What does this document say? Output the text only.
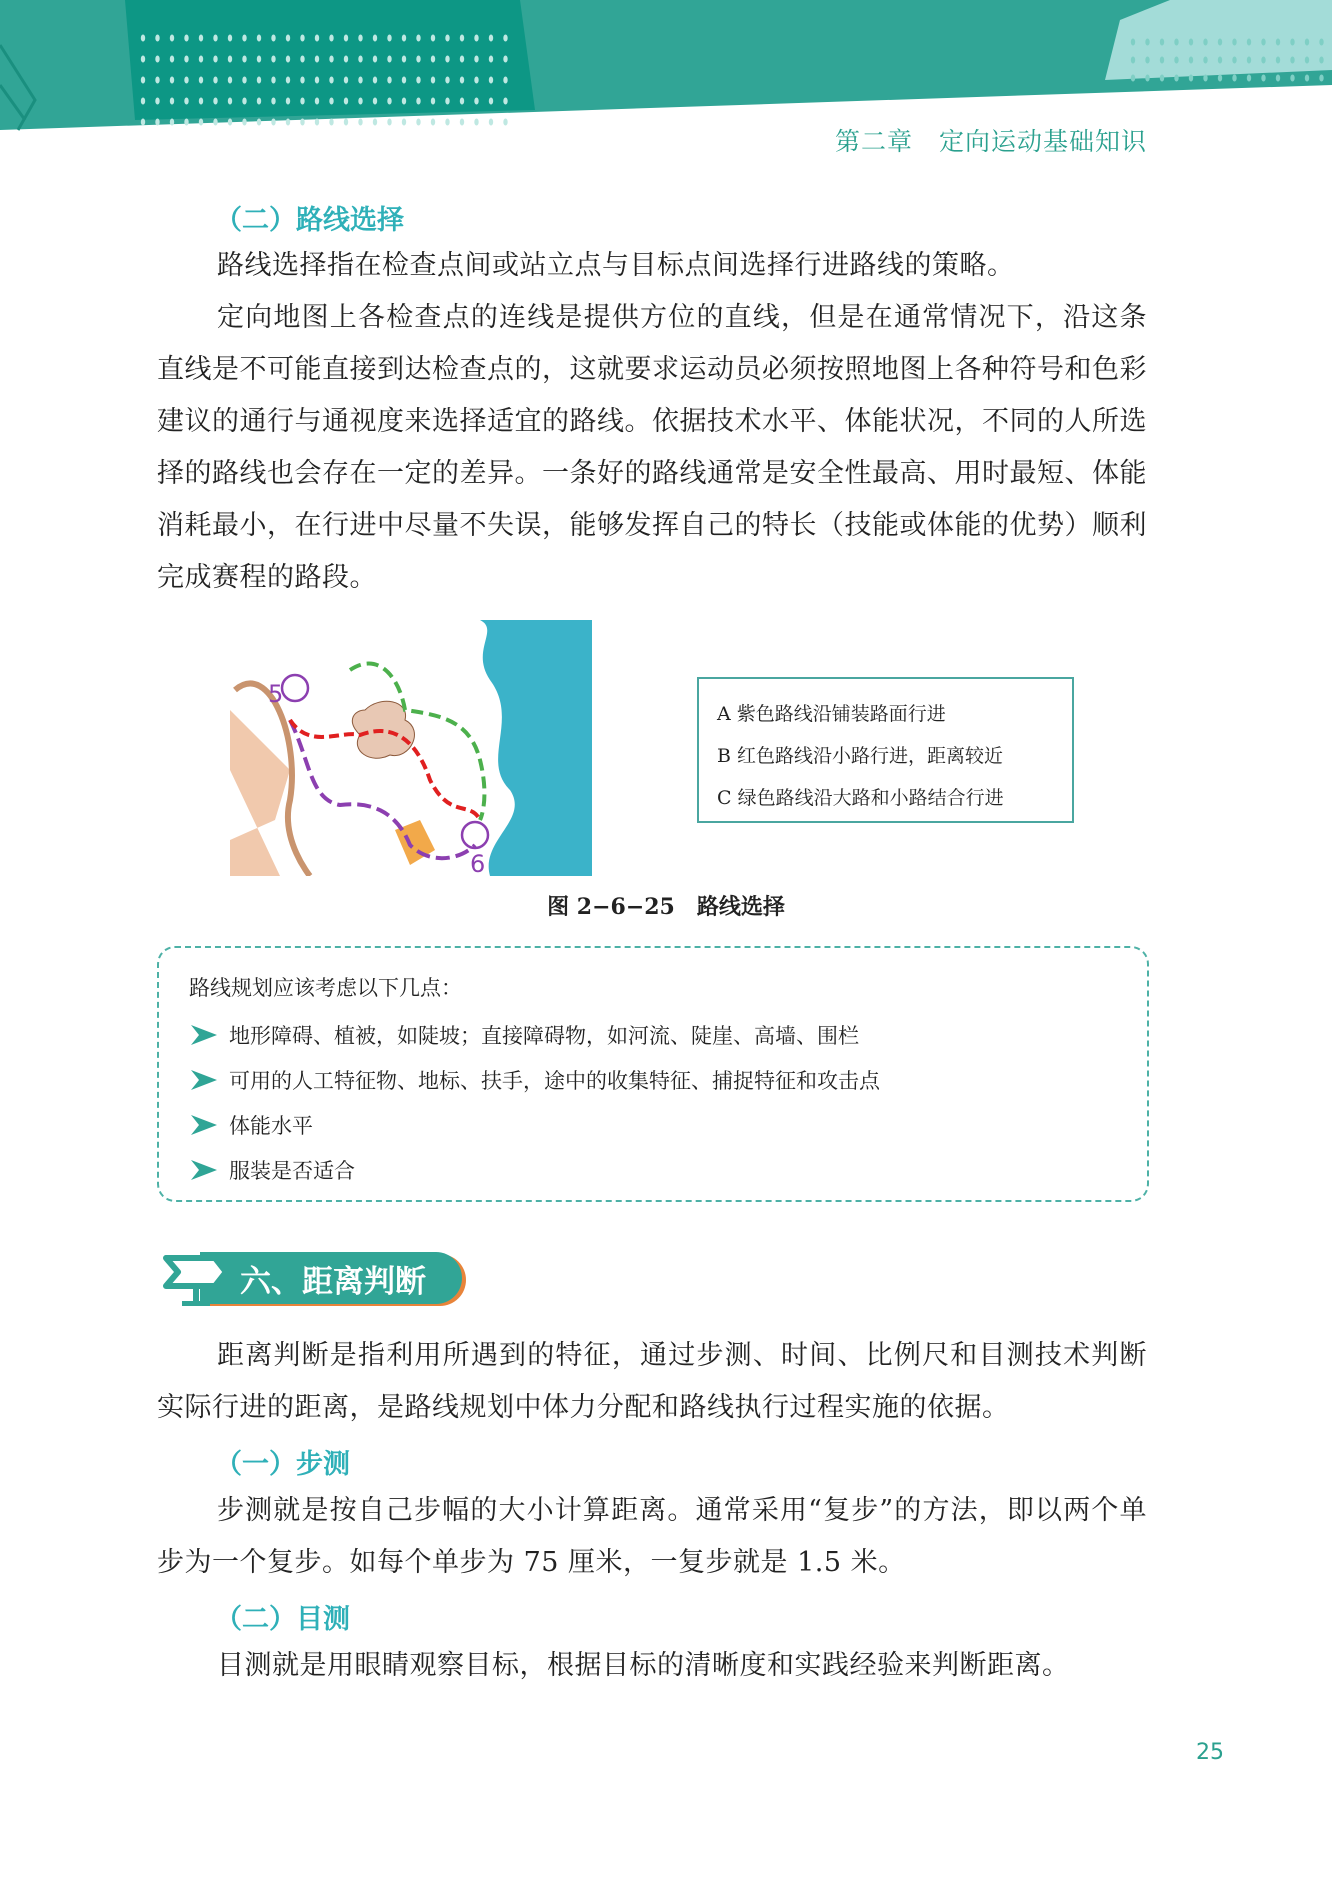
第二章　定向运动基础知识
（二）路线选择
路线选择指在检查点间或站立点与目标点间选择行进路线的策略。
定向地图上各检查点的连线是提供方位的直线，但是在通常情况下，沿这条直线是不可能直接到达检查点的，这就要求运动员必须按照地图上各种符号和色彩建议的通行与通视度来选择适宜的路线。依据技术水平、体能状况，不同的人所选择的路线也会存在一定的差异。一条好的路线通常是安全性最高、用时最短、体能消耗最小，在行进中尽量不失误，能够发挥自己的特长（技能或体能的优势）顺利完成赛程的路段。
5
6
A 紫色路线沿铺装路面行进
B 红色路线沿小路行进，距离较近
C 绿色路线沿大路和小路结合行进
图 2−6−25　路线选择
路线规划应该考虑以下几点：
地形障碍、植被，如陡坡；直接障碍物，如河流、陡崖、高墙、围栏
可用的人工特征物、地标、扶手，途中的收集特征、捕捉特征和攻击点
体能水平
服装是否适合
六、距离判断
距离判断是指利用所遇到的特征，通过步测、时间、比例尺和目测技术判断实际行进的距离，是路线规划中体力分配和路线执行过程实施的依据。
（一）步测
步测就是按自己步幅的大小计算距离。通常采用“复步”的方法，即以两个单步为一个复步。如每个单步为 75 厘米，一复步就是 1.5 米。
（二）目测
目测就是用眼睛观察目标，根据目标的清晰度和实践经验来判断距离。
25
